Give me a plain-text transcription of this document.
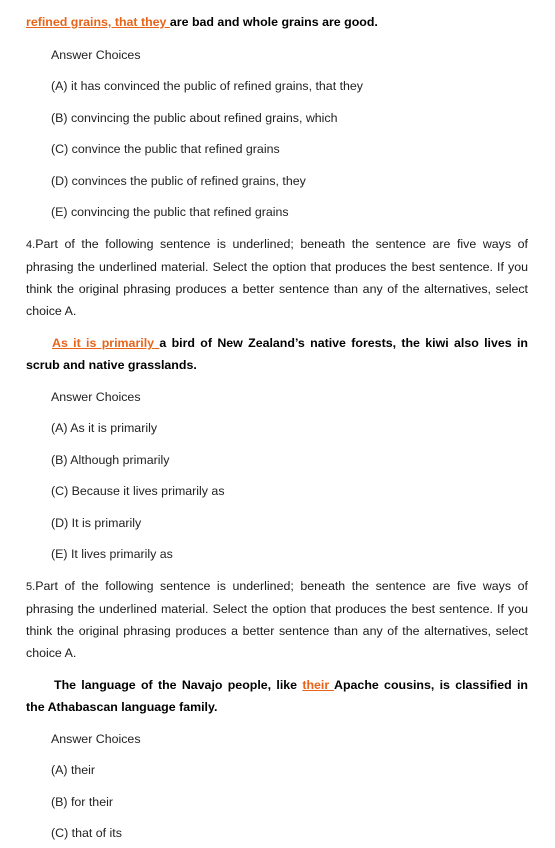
refined grains, that they are bad and whole grains are good.
Answer Choices
(A) it has convinced the public of refined grains, that they
(B) convincing the public about refined grains, which
(C) convince the public that refined grains
(D) convinces the public of refined grains, they
(E) convincing the public that refined grains
4.Part of the following sentence is underlined; beneath the sentence are five ways of
phrasing the underlined material. Select the option that produces the best sentence. If you
think the original phrasing produces a better sentence than any of the alternatives, select
choice A.
As it is primarily a bird of New Zealand’s native forests, the kiwi also lives in
scrub and native grasslands.
Answer Choices
(A) As it is primarily
(B) Although primarily
(C) Because it lives primarily as
(D) It is primarily
(E) It lives primarily as
5.Part of the following sentence is underlined; beneath the sentence are five ways of
phrasing the underlined material. Select the option that produces the best sentence. If you
think the original phrasing produces a better sentence than any of the alternatives, select
choice A.
The language of the Navajo people, like their Apache cousins, is classified in
the Athabascan language family.
Answer Choices
(A) their
(B) for their
(C) that of its
